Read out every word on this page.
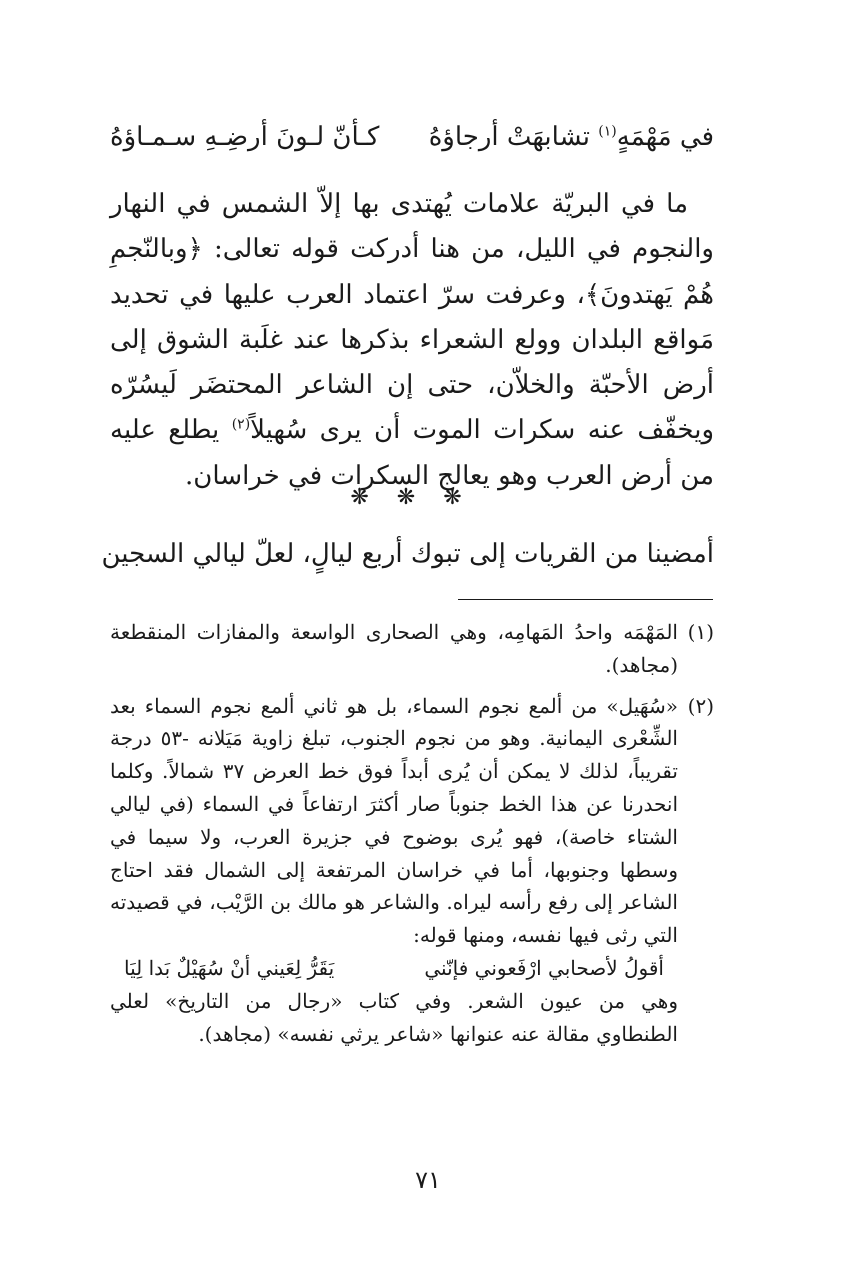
في مَهْمَهٍ$^{(١)}$ تشابهَتْ أرجاؤهُ
كـأنّ لـونَ أرضِـهِ سـمـاؤهُ

ما في البريّة علامات يُهتدى بها إلاّ الشمس في النهار والنجوم في الليل، من هنا أدركت قوله تعالى: ﴿وبالنّجمِ هُمْ يَهتدونَ﴾، وعرفت سرّ اعتماد العرب عليها في تحديد مَواقع البلدان وولع الشعراء بذكرها عند غلَبة الشوق إلى أرض الأحبّة والخلاّن، حتى إن الشاعر المحتضَر لَيسُرّه ويخفّف عنه سكرات الموت أن يرى سُهيلاً$^{(٢)}$ يطلع عليه من أرض العرب وهو يعالج السكرات في خراسان.

❋ ❋ ❋
أمضينا من القريات إلى تبوك أربع ليالٍ، لعلّ ليالي السجين
(١)

المَهْمَه واحدُ المَهامِه، وهي الصحارى الواسعة والمفازات المنقطعة (مجاهد).

(٢)

«سُهَيل» من ألمع نجوم السماء، بل هو ثاني ألمع نجوم السماء بعد الشِّعْرى اليمانية. وهو من نجوم الجنوب، تبلغ زاوية مَيَلانه -٥٣ درجة تقريباً، لذلك لا يمكن أن يُرى أبداً فوق خط العرض ٣٧ شمالاً. وكلما انحدرنا عن هذا الخط جنوباً صار أكثرَ ارتفاعاً في السماء (في ليالي الشتاء خاصة)، فهو يُرى بوضوح في جزيرة العرب، ولا سيما في وسطها وجنوبها، أما في خراسان المرتفعة إلى الشمال فقد احتاج الشاعر إلى رفع رأسه ليراه. والشاعر هو مالك بن الرَّيْب، في قصيدته التي رثى فيها نفسه، ومنها قوله:

أقولُ لأصحابي ارْفَعوني فإنّني
يَقَرُّ لِعَيني أنْ سُهَيْلٌ بَدا لِيَا

وهي من عيون الشعر. وفي كتاب «رجال من التاريخ» لعلي الطنطاوي مقالة عنه عنوانها «شاعر يرثي نفسه» (مجاهد).

٧١
